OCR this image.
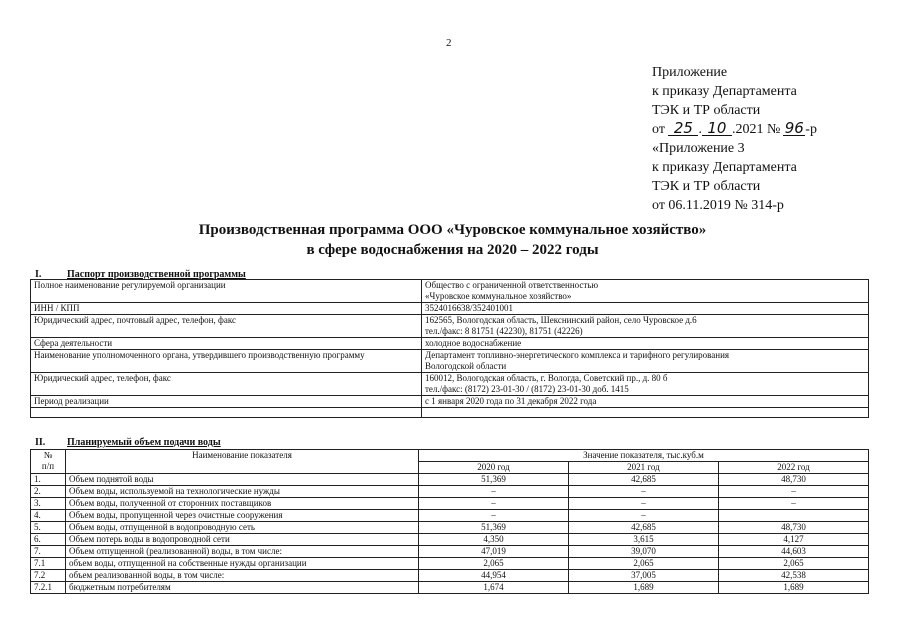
2
Приложение
к приказу Департамента
ТЭК и ТР области
от 25 . 10 .2021 № 96-р
«Приложение 3
к приказу Департамента
ТЭК и ТР области
от 06.11.2019 № 314-р
Производственная программа ООО «Чуровское коммунальное хозяйство»
в сфере водоснабжения на 2020 – 2022 годы
I.	Паспорт производственной программы
Полное наименование регулируемой организации	Общество с ограниченной ответственностью
«Чуровское коммунальное хозяйство»

ИНН / КПП	3524016638/352401001

Юридический адрес, почтовый адрес, телефон, факс	162565, Вологодская область, Шекснинский район, село Чуровское д.6
тел./факс: 8 81751 (42230), 81751 (42226)

Сфера деятельности	холодное водоснабжение

Наименование уполномоченного органа, утвердившего производственную программу	Департамент топливно-энергетического комплекса и тарифного регулирования
Вологодской области

Юридический адрес, телефон, факс	160012, Вологодская область, г. Вологда, Советский пр., д. 80 б
тел./факс: (8172) 23-01-30 / (8172) 23-01-30 доб. 1415

Период реализации	с 1 января 2020 года по 31 декабря 2022 года

II. Планируемый объем подачи воды
№
п/п	Наименование показателя	Значение показателя, тыс.куб.м		
		2020 год	2021 год	2022 год
1.	Объем поднятой воды	51,369	42,685	48,730
2.	Объем воды, используемой на технологические нужды	–	–	–
3.	Объем воды, полученной от сторонних поставщиков	–	–	–
4.	Объем воды, пропущенной через очистные сооружения	–	–	
5.	Объем воды, отпущенной в водопроводную сеть	51,369	42,685	48,730
6.	Объем потерь воды в водопроводной сети	4,350	3,615	4,127
7.	Объем отпущенной (реализованной) воды, в том числе:	47,019	39,070	44,603
7.1	объем воды, отпущенной на собственные нужды организации	2,065	2,065	2,065
7.2	объем реализованной воды, в том числе:	44,954	37,005	42,538
7.2.1	бюджетным потребителям	1,674	1,689	1,689
